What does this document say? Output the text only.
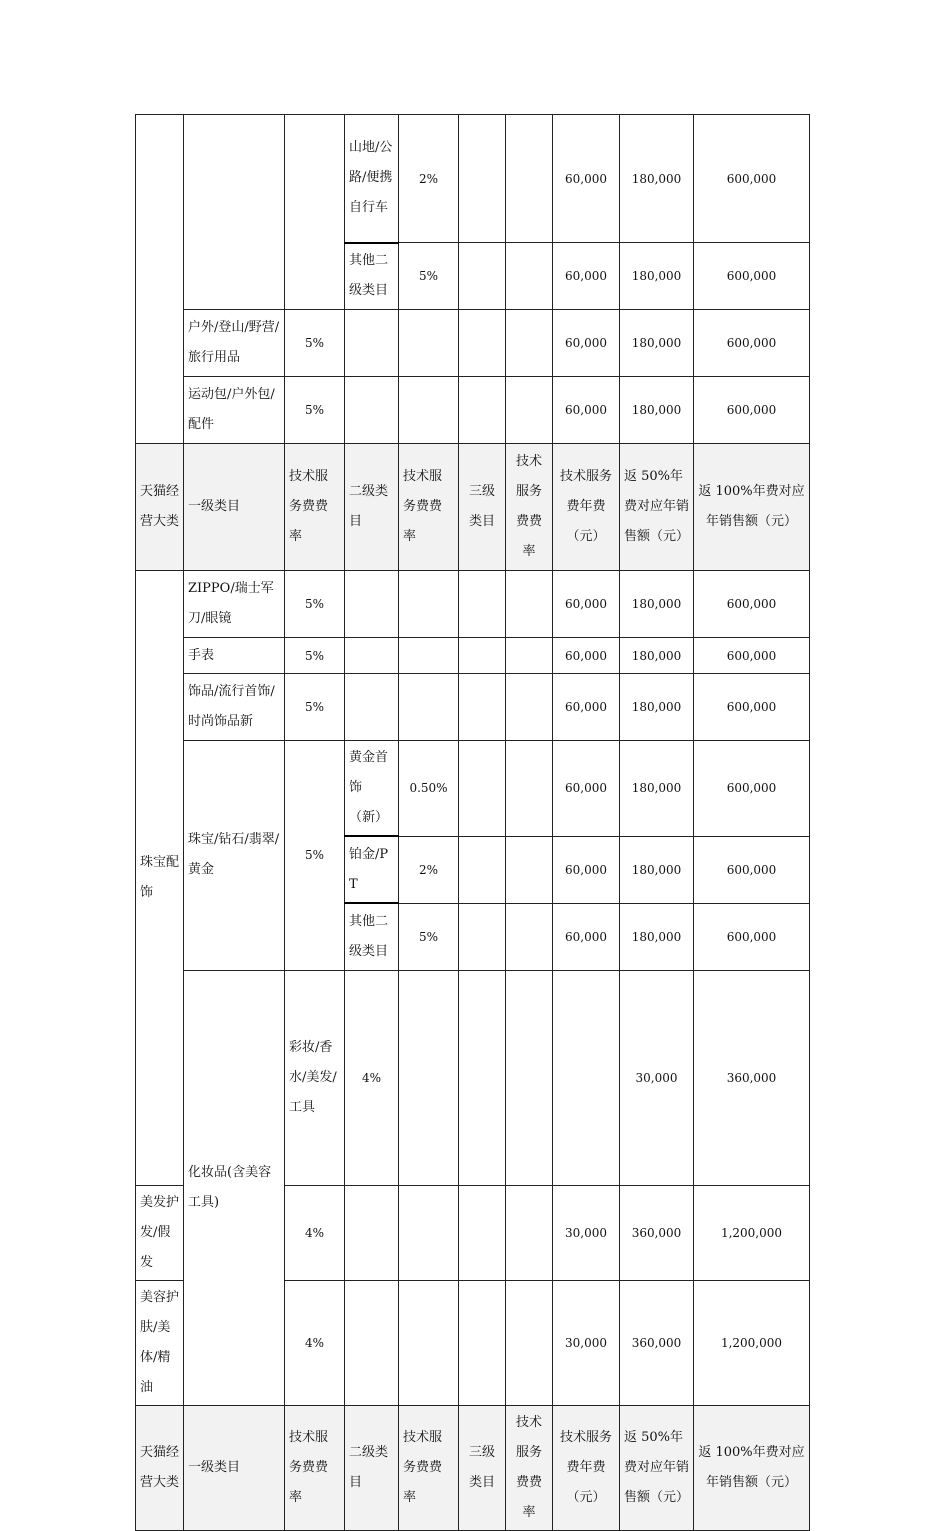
			山地/公路/便携自行车	2%			60,000	180,000	600,000	
			其他二级类目	5%			60,000	180,000	600,000	
	户外/登山/野营/旅行用品	5%					60,000	180,000	600,000	
	运动包/户外包/配件	5%					60,000	180,000	600,000	
天猫经营大类	一级类目	技术服务费费率	二级类目	技术服务费费率	三级类目	技术服务费费率	技术服务费年费（元）	返 50%年费对应年销售额（元）	返 100%年费对应年销售额（元）	
珠宝配饰	ZIPPO/瑞士军刀/眼镜	5%					60,000	180,000	600,000	
	手表	5%					60,000	180,000	600,000	
	饰品/流行首饰/时尚饰品新	5%					60,000	180,000	600,000	
	珠宝/钻石/翡翠/黄金	5%	黄金首饰（新）	0.50%			60,000	180,000	600,000	
			铂金/PT	2%			60,000	180,000	600,000	
			其他二级类目	5%			60,000	180,000	600,000	
	化妆品(含美容工具)	彩妆/香水/美发/工具	4%					30,000	360,000	
美发护发/假发		4%					30,000	360,000	1,200,000	
美容护肤/美体/精油		4%					30,000	360,000	1,200,000	
天猫经营大类	一级类目	技术服务费费率	二级类目	技术服务费费率	三级类目	技术服务费费率	技术服务费年费（元）	返 50%年费对应年销售额（元）	返 100%年费对应年销售额（元）	
